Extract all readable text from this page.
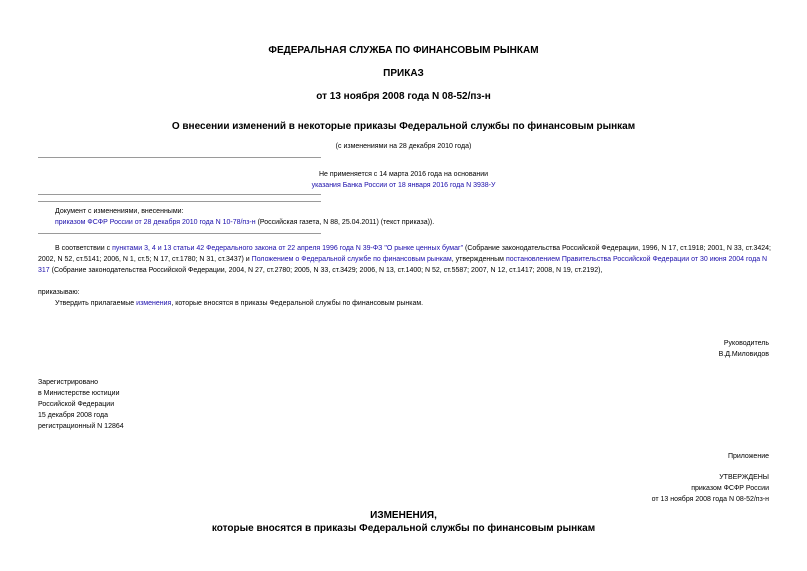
ФЕДЕРАЛЬНАЯ СЛУЖБА ПО ФИНАНСОВЫМ РЫНКАМ
ПРИКАЗ
от 13 ноября 2008 года N 08-52/пз-н
О внесении изменений в некоторые приказы Федеральной службы по финансовым рынкам
(с изменениями на 28 декабря 2010 года)
Не применяется с 14 марта 2016 года на основании
указания Банка России от 18 января 2016 года N 3938-У
Документ с изменениями, внесенными:
приказом ФСФР России от 28 декабря 2010 года N 10-78/пз-н (Российская газета, N 88, 25.04.2011) (текст приказа)).

В соответствии с пунктами 3, 4 и 13 статьи 42 Федерального закона от 22 апреля 1996 года N 39-ФЗ "О рынке ценных бумаг" (Собрание законодательства Российской Федерации, 1996, N 17, ст.1918; 2001, N 33, ст.3424; 2002, N 52, ст.5141; 2006, N 1, ст.5; N 17, ст.1780; N 31, ст.3437) и Положением о Федеральной службе по финансовым рынкам, утвержденным постановлением Правительства Российской Федерации от 30 июня 2004 года N 317 (Собрание законодательства Российской Федерации, 2004, N 27, ст.2780; 2005, N 33, ст.3429; 2006, N 13, ст.1400; N 52, ст.5587; 2007, N 12, ст.1417; 2008, N 19, ст.2192),

приказываю:
Утвердить прилагаемые изменения, которые вносятся в приказы Федеральной службы по финансовым рынкам.
Руководитель
В.Д.Миловидов
Зарегистрировано
в Министерстве юстиции
Российской Федерации
15 декабря 2008 года
регистрационный N 12864
Приложение
УТВЕРЖДЕНЫ
приказом ФСФР России
от 13 ноября 2008 года N 08-52/пз-н
ИЗМЕНЕНИЯ,
которые вносятся в приказы Федеральной службы по финансовым рынкам
